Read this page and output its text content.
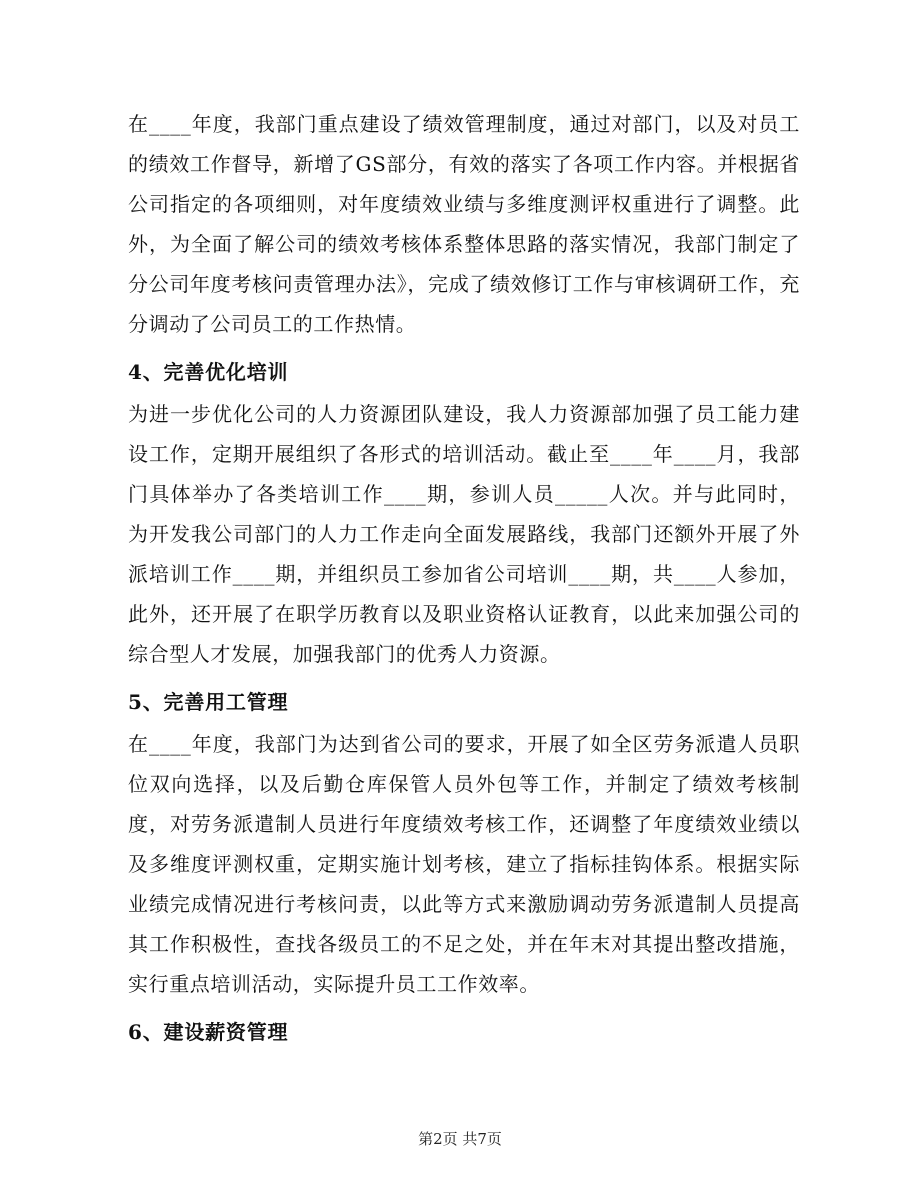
在____年度，我部门重点建设了绩效管理制度，通过对部门，以及对员工的绩效工作督导，新增了GS部分，有效的落实了各项工作内容。并根据省公司指定的各项细则，对年度绩效业绩与多维度测评权重进行了调整。此外，为全面了解公司的绩效考核体系整体思路的落实情况，我部门制定了分公司年度考核问责管理办法》，完成了绩效修订工作与审核调研工作，充分调动了公司员工的工作热情。

4、完善优化培训

为进一步优化公司的人力资源团队建设，我人力资源部加强了员工能力建设工作，定期开展组织了各形式的培训活动。截止至____年____月，我部门具体举办了各类培训工作____期，参训人员_____人次。并与此同时，为开发我公司部门的人力工作走向全面发展路线，我部门还额外开展了外派培训工作____期，并组织员工参加省公司培训____期，共____人参加，此外，还开展了在职学历教育以及职业资格认证教育，以此来加强公司的综合型人才发展，加强我部门的优秀人力资源。

5、完善用工管理

在____年度，我部门为达到省公司的要求，开展了如全区劳务派遣人员职位双向选择，以及后勤仓库保管人员外包等工作，并制定了绩效考核制度，对劳务派遣制人员进行年度绩效考核工作，还调整了年度绩效业绩以及多维度评测权重，定期实施计划考核，建立了指标挂钩体系。根据实际业绩完成情况进行考核问责，以此等方式来激励调动劳务派遣制人员提高其工作积极性，查找各级员工的不足之处，并在年末对其提出整改措施，实行重点培训活动，实际提升员工工作效率。

6、建设薪资管理

第2页 共7页
